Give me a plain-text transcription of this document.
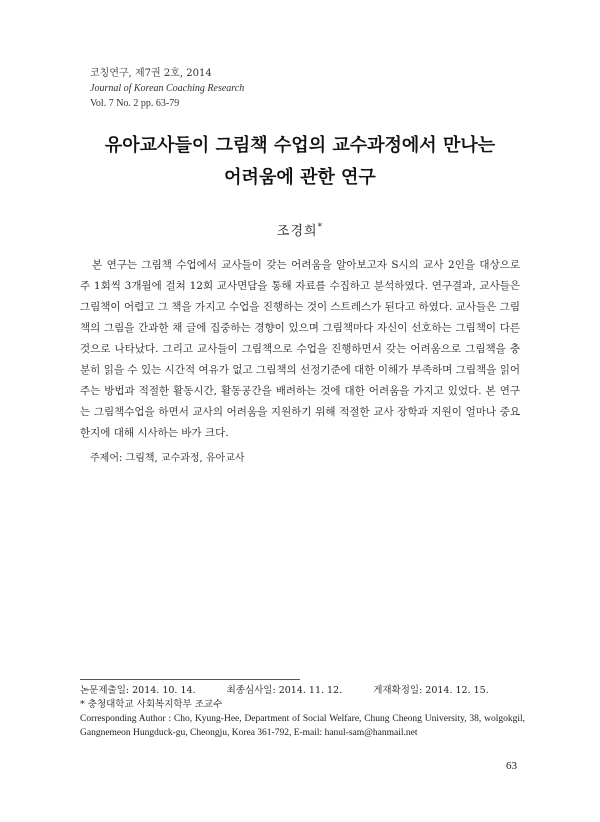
코칭연구, 제7권 2호, 2014
Journal of Korean Coaching Research
Vol. 7 No. 2 pp. 63-79
유아교사들이 그림책 수업의 교수과정에서 만나는
어려움에 관한 연구
조경희*

본 연구는 그림책 수업에서 교사들이 갖는 어려움을 알아보고자 S시의 교사 2인을 대상으로 주 1회씩 3개월에 걸쳐 12회 교사면담을 통해 자료를 수집하고 분석하였다. 연구결과, 교사들은 그림책이 어렵고 그 책을 가지고 수업을 진행하는 것이 스트레스가 된다고 하였다. 교사들은 그림책의 그림을 간과한 채 글에 집중하는 경향이 있으며 그림책마다 자신이 선호하는 그림책이 다른 것으로 나타났다. 그리고 교사들이 그림책으로 수업을 진행하면서 갖는 어려움으로 그림책을 충분히 읽을 수 있는 시간적 여유가 없고 그림책의 선정기준에 대한 이해가 부족하며 그림책을 읽어주는 방법과 적절한 활동시간, 활동공간을 배려하는 것에 대한 어려움을 가지고 있었다. 본 연구는 그림책수업을 하면서 교사의 어려움을 지원하기 위해 적절한 교사 장학과 지원이 얼마나 중요한지에 대해 시사하는 바가 크다.

주제어: 그림책, 교수과정, 유아교사
논문제출일: 2014. 10. 14.	최종심사일: 2014. 11. 12.	게재확정일: 2014. 12. 15.
* 충청대학교 사회복지학부 조교수
Corresponding Author : Cho, Kyung-Hee, Department of Social Welfare, Chung Cheong University, 38, wolgokgil, Gangnemeon Hungduck-gu, Cheongju, Korea 361-792, E-mail: hanul-sam@hanmail.net
63
